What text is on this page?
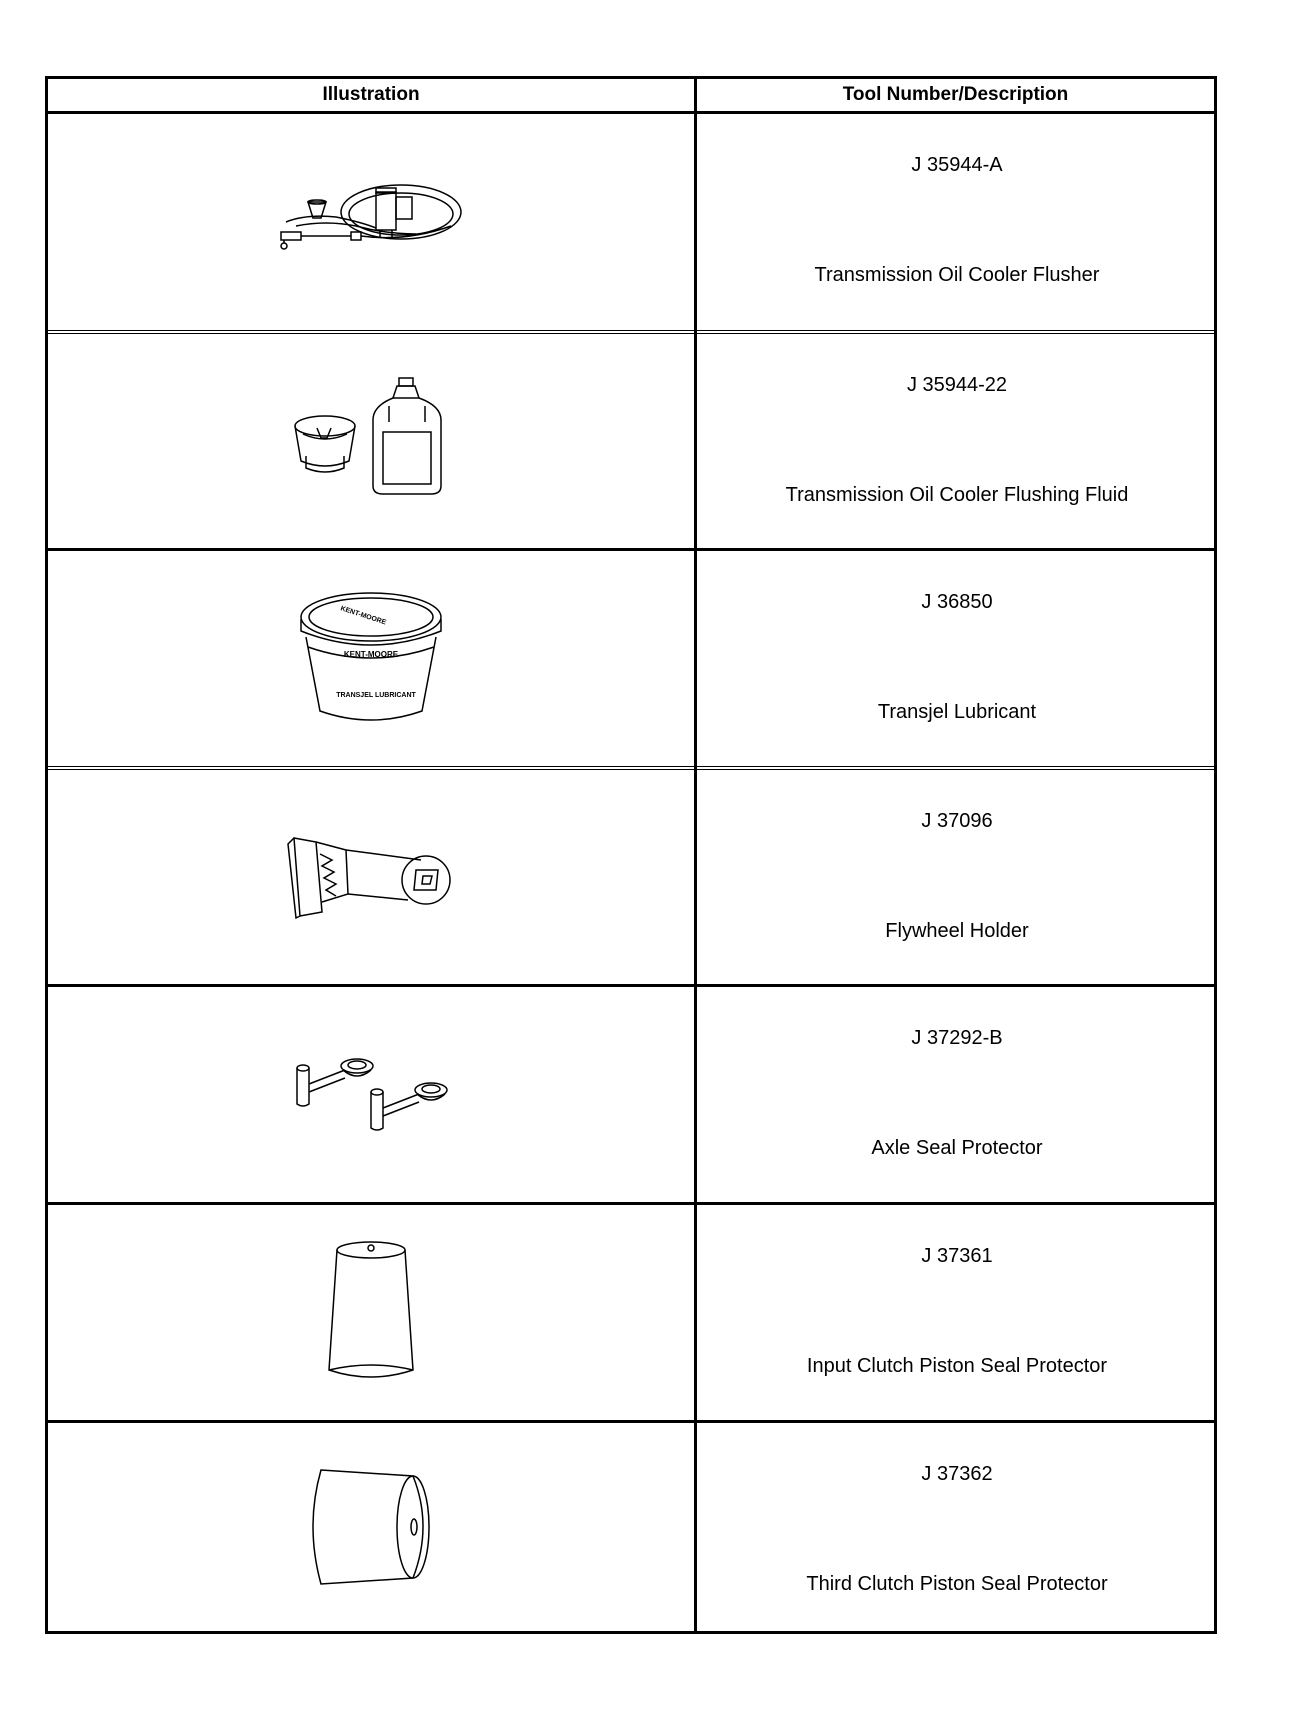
Illustration	Tool Number/Description
J 35944-A
Transmission Oil Cooler Flusher
J 35944-22
Transmission Oil Cooler Flushing Fluid
KENT-MOORE
KENT-MOORE
TRANSJEL LUBRICANT
J 36850
Transjel Lubricant
J 37096
Flywheel Holder
J 37292-B
Axle Seal Protector
J 37361
Input Clutch Piston Seal Protector
J 37362
Third Clutch Piston Seal Protector
